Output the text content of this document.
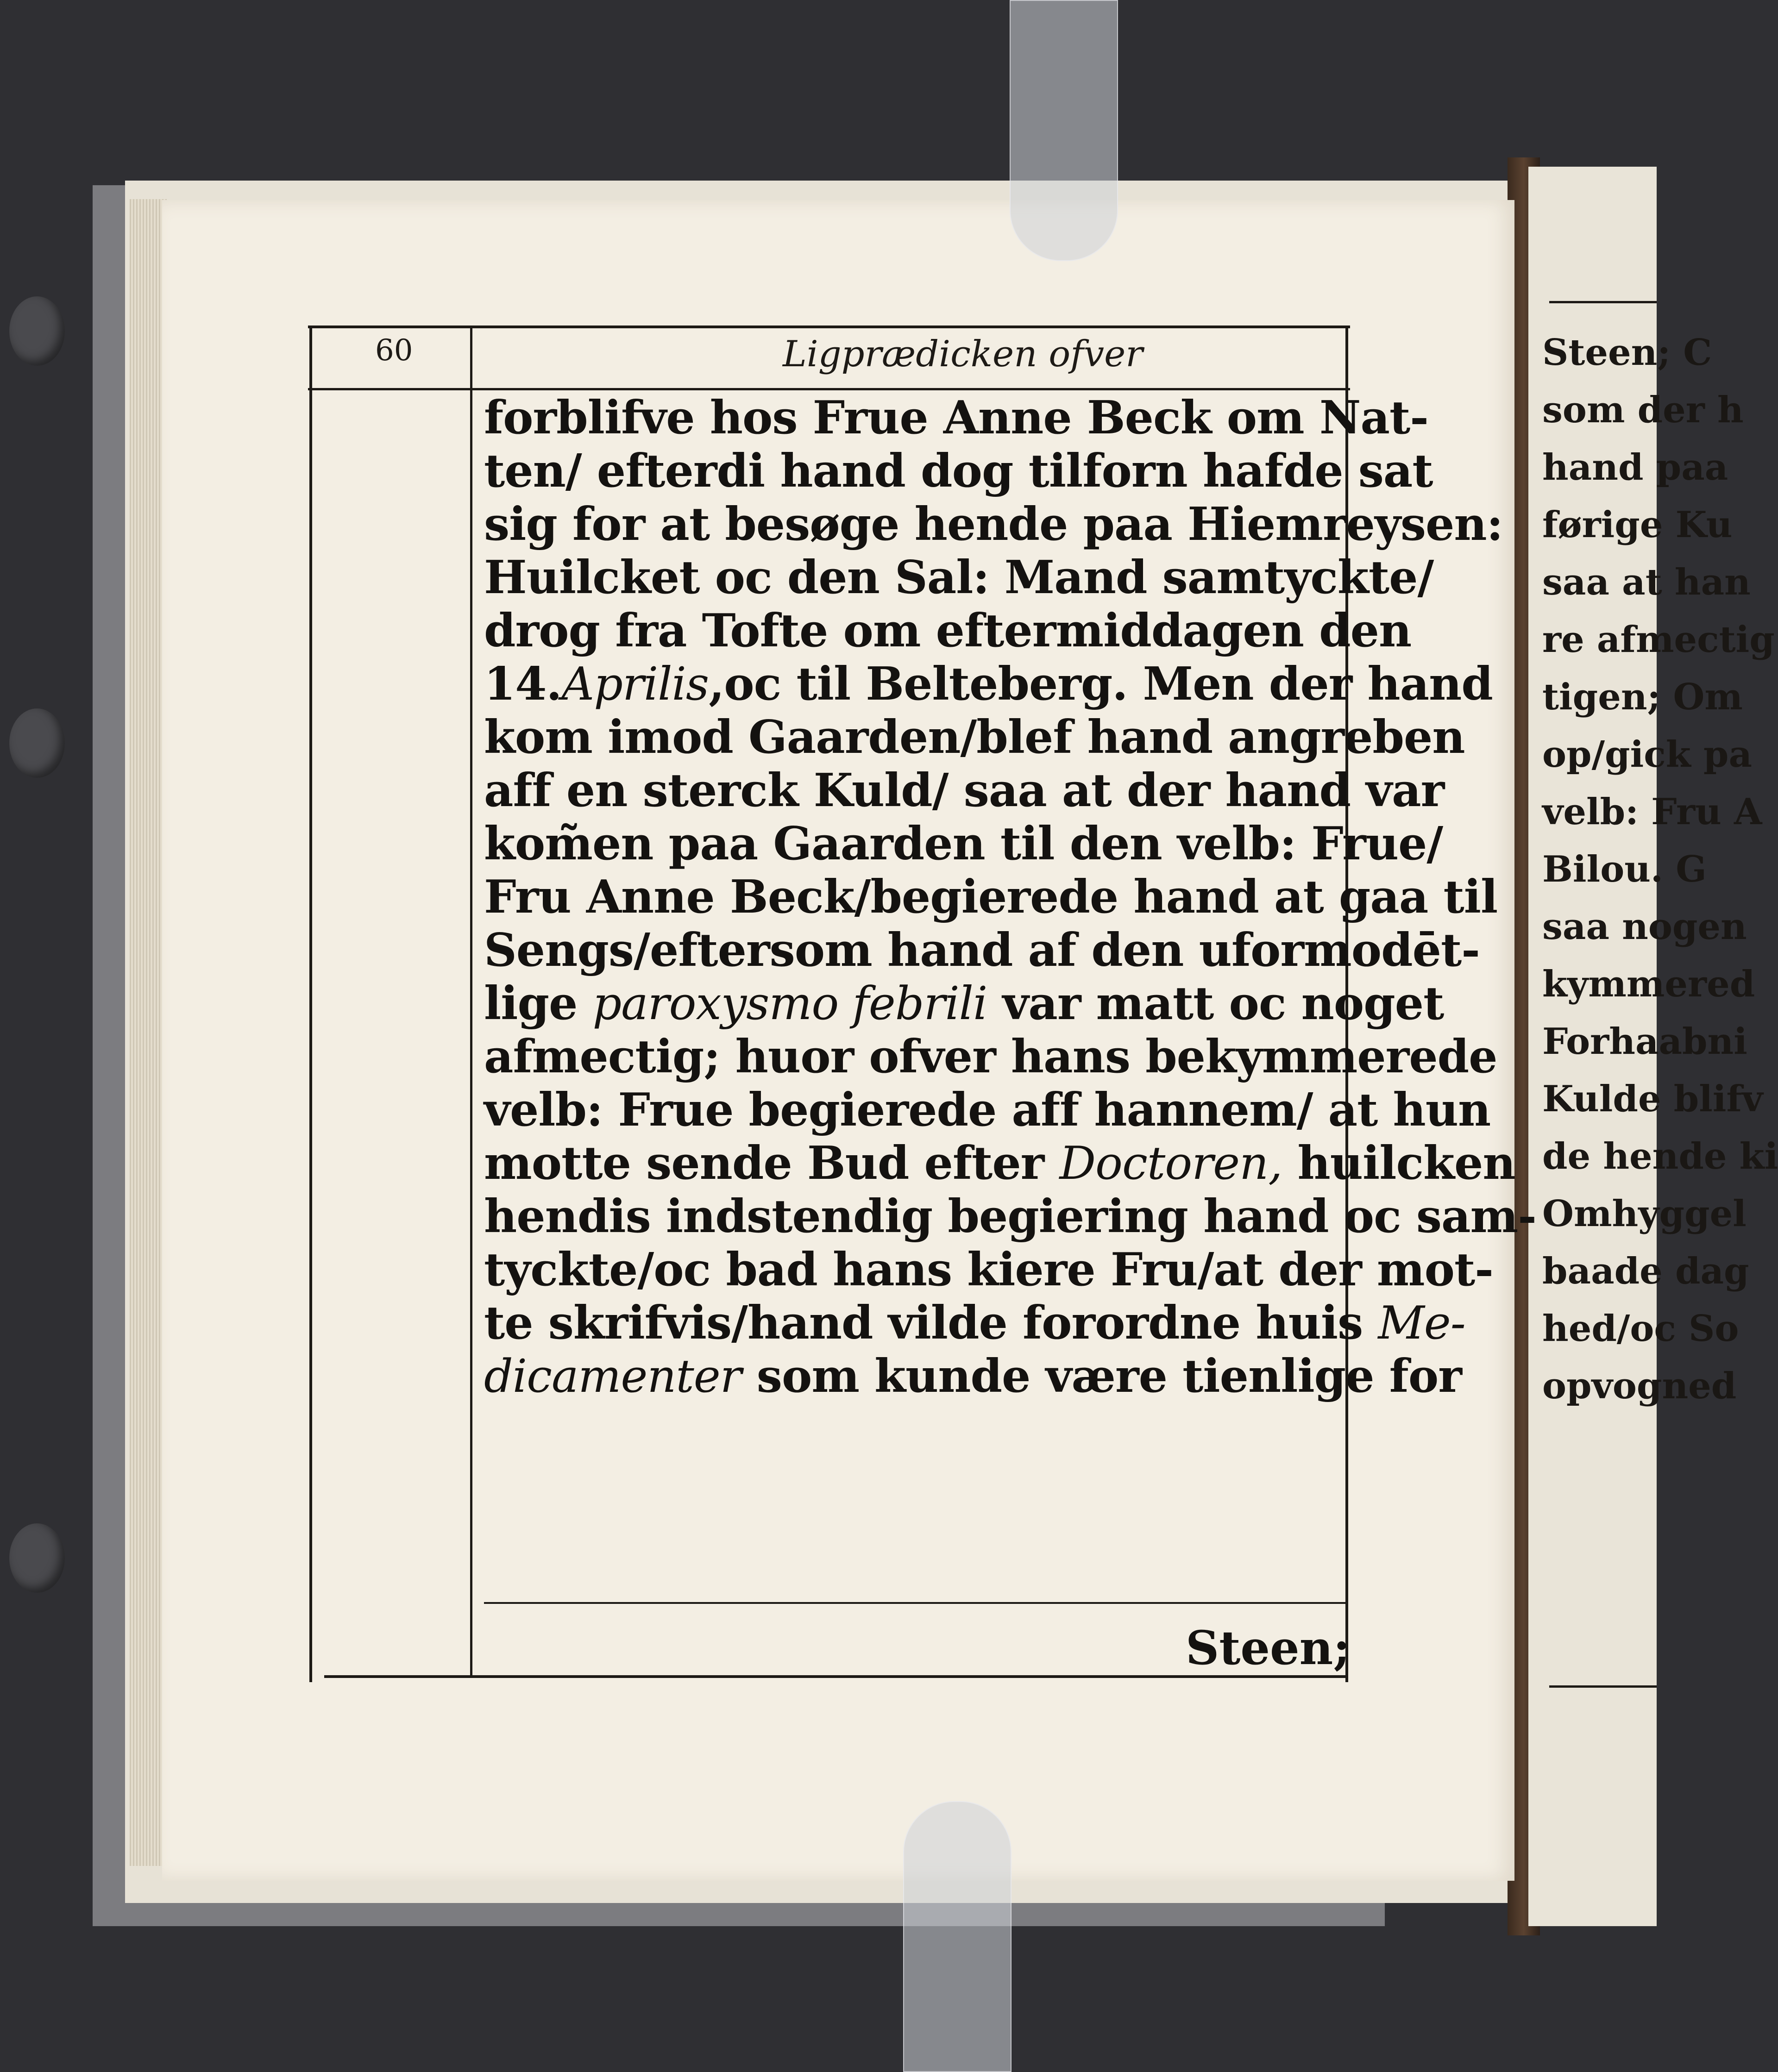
60	Ligprædicken ofver
forblifve hos Frue Anne Beck om Nat-
ten/ efterdi hand dog tilforn hafde sat
sig for at besøge hende paa Hiemreysen:
Huilcket oc den Sal: Mand samtyckte/
drog fra Tofte om eftermiddagen den
14.Aprilis,oc til Belteberg. Men der hand
kom imod Gaarden/blef hand angreben
aff en sterck Kuld/ saa at der hand var
kom̃en paa Gaarden til den velb: Frue/
Fru Anne Beck/begierede hand at gaa til
Sengs/eftersom hand af den uformodēt-
lige paroxysmo febrili var matt oc noget
afmectig; huor ofver hans bekymmerede
velb: Frue begierede aff hannem/ at hun
motte sende Bud efter Doctoren, huilcken
hendis indstendig begiering hand oc sam-
tyckte/oc bad hans kiere Fru/at der mot-
te skrifvis/hand vilde forordne huis Me-
dicamenter som kunde være tienlige for
Steen;
Steen; C
som der h
hand paa
førige Ku
saa at han
re afmectig
tigen; Om
op/gick pa
velb: Fru A
Bilou. G
saa nogen
kymmered
Forhaabni
Kulde blifv
de hende ki
Omhyggel
baade dag
hed/oc So
opvogned
